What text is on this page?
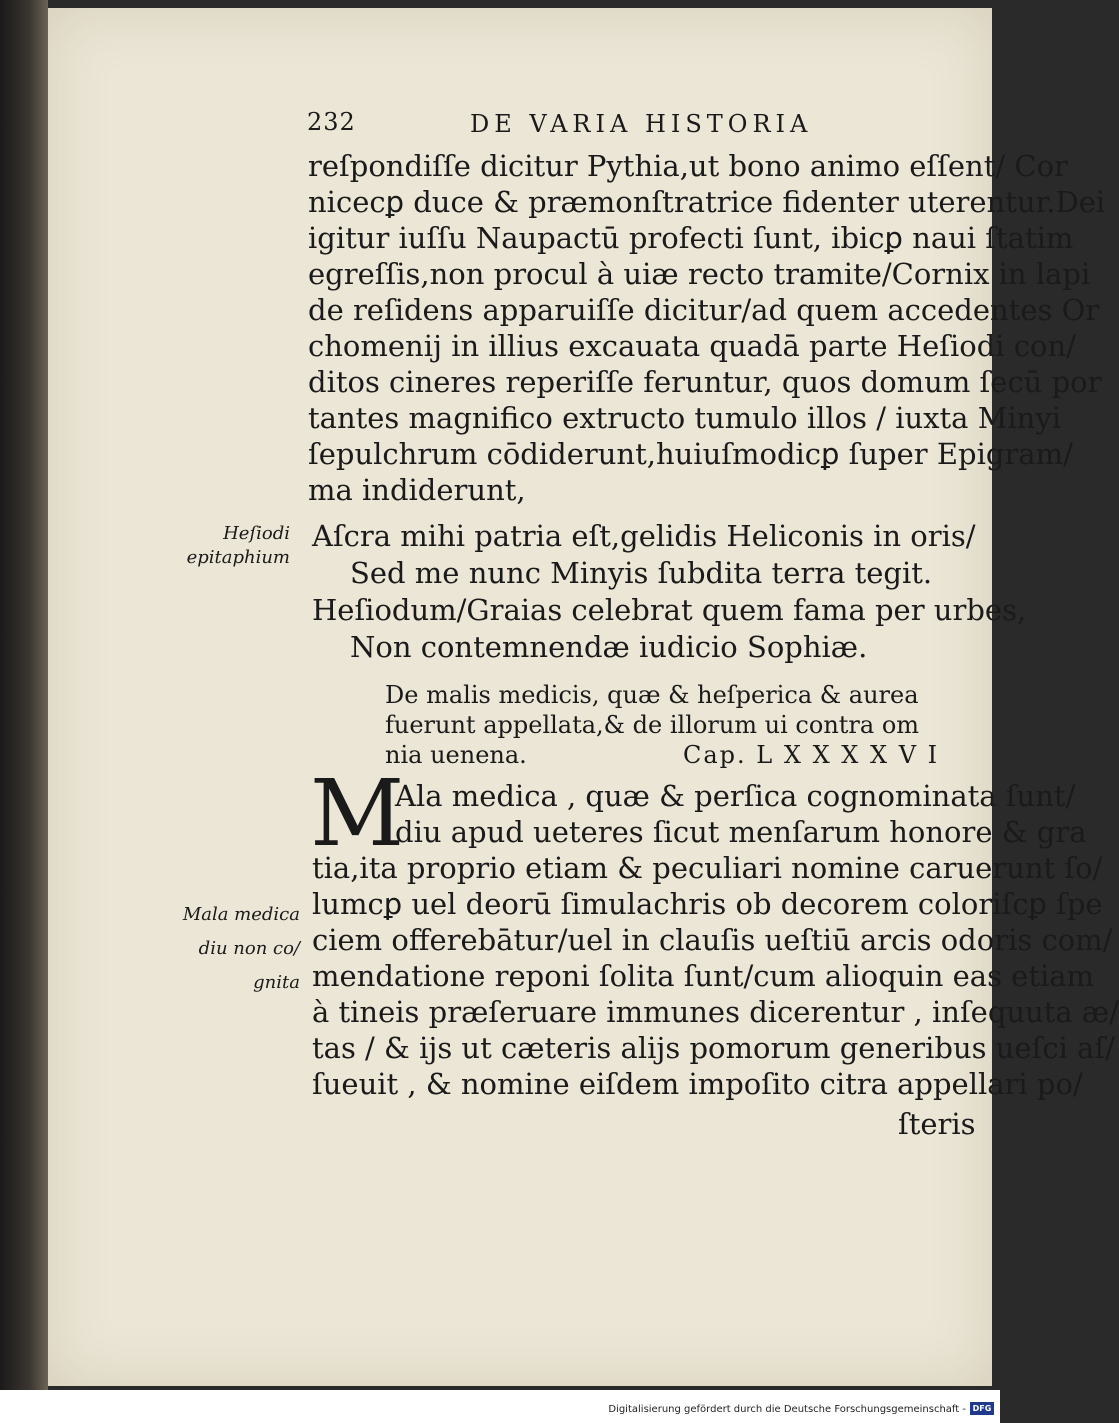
232	DE VARIA HISTORIA
reſpondiſſe dicitur Pythia,ut bono animo eſſent/ Cor
nicecꝑ duce & præmonſtratrice fidenter uterentur.Dei
igitur iuſſu Naupactū profecti ſunt, ibicꝑ naui ſtatim
egreſſis,non procul à uiæ recto tramite/Cornix in lapi
de reſidens apparuiſſe dicitur/ad quem accedentes Or
chomenij in illius excauata quadā parte Heſiodi con/
ditos cineres reperiſſe feruntur, quos domum ſecū por
tantes magnifico extructo tumulo illos / iuxta Minyi
ſepulchrum cōdiderunt,huiuſmodicꝑ ſuper Epigram/
ma indiderunt,
Heſiodi
epitaphium
Aſcra mihi patria eſt,gelidis Heliconis in oris/
Sed me nunc Minyis ſubdita terra tegit.
Heſiodum/Graias celebrat quem fama per urbes,
Non contemnendæ iudicio Sophiæ.
De malis medicis, quæ & heſperica & aurea
fuerunt appellata,& de illorum ui contra om
nia uenena.	Cap. L X X X X V I
M
Ala medica , quæ & perſica cognominata ſunt/
diu apud ueteres ſicut menſarum honore & gra
tia,ita proprio etiam & peculiari nomine caruerunt ſo/
lumcꝑ uel deorū ſimulachris ob decorem coloriſcꝑ ſpe
ciem offerebātur/uel in clauſis ueſtiū arcis odoris com/
mendatione reponi ſolita ſunt/cum alioquin eas etiam
à tineis præſeruare immunes dicerentur , inſequuta æ/
tas / & ijs ut cæteris alijs pomorum generibus uеſci aſ/
ſueuit , & nomine eiſdem impoſito citra appellari po/
ſteris
Mala medica
diu non co/
gnita
Digitalisierung gefördert durch die Deutsche Forschungsgemeinschaft - DFG
